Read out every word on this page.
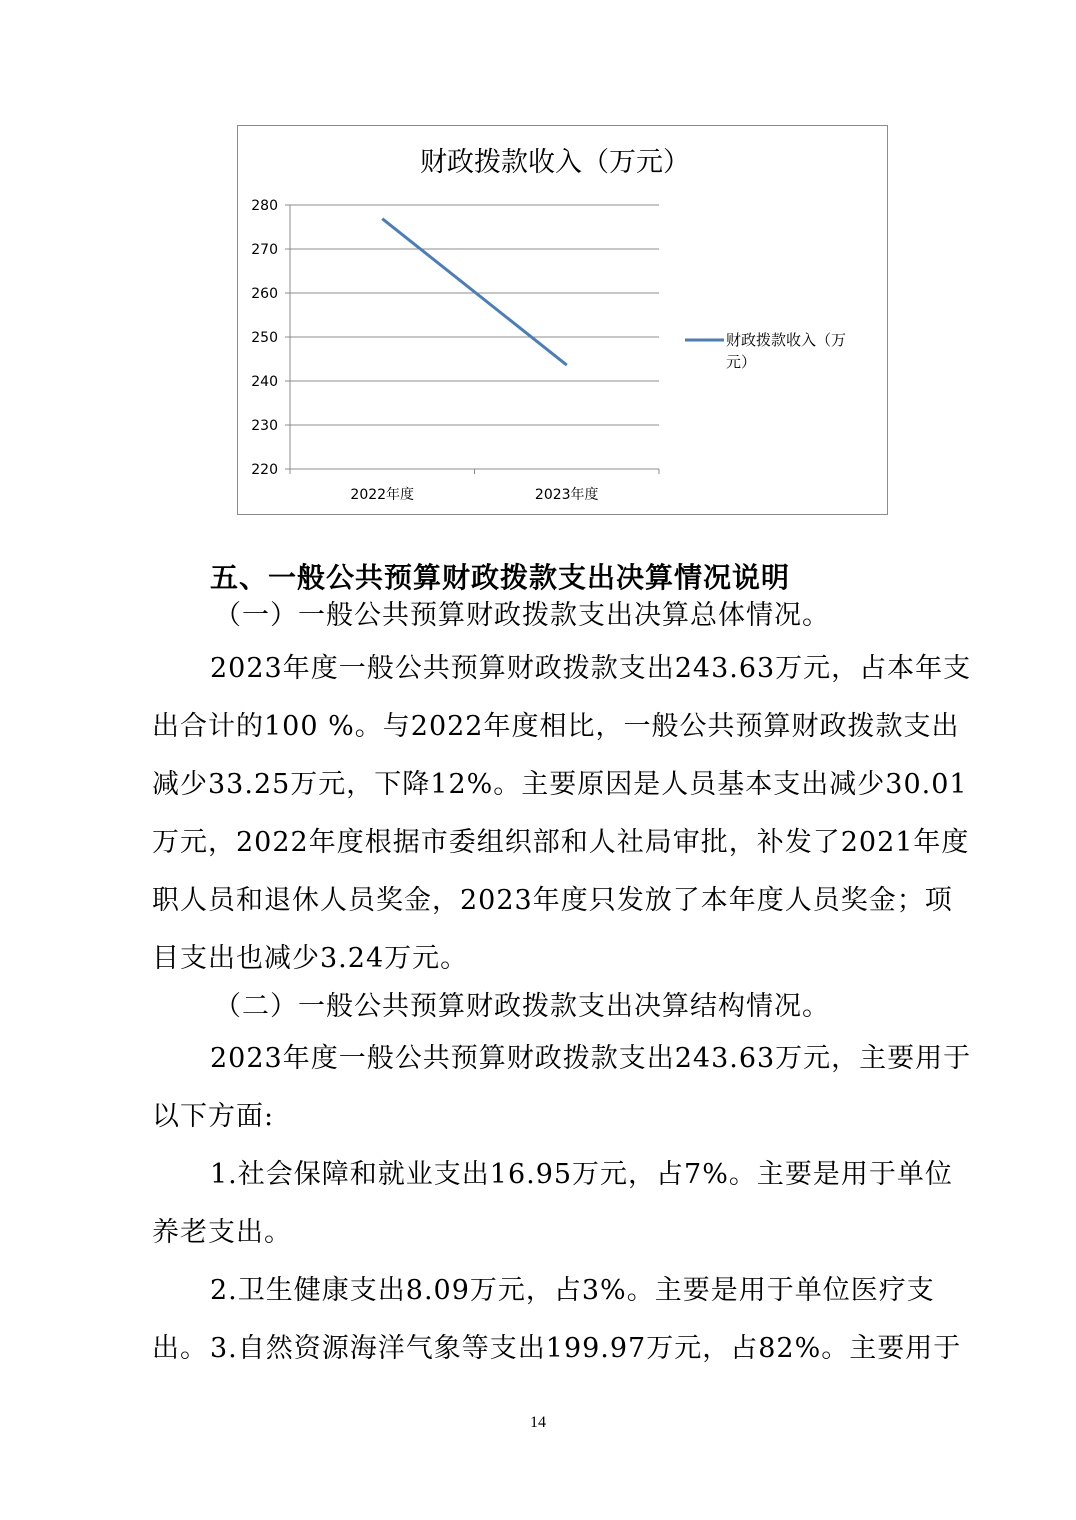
财政拨款收入（万元）
220
230
240
250
260
270
280
2022年度	2023年度
财政拨款收入（万
元）
五、一般公共预算财政拨款支出决算情况说明
（一）一般公共预算财政拨款支出决算总体情况。
2023年度一般公共预算财政拨款支出243.63万元，占本年支出合计的100 %。与2022年度相比，一般公共预算财政拨款支出减少33.25万元，下降12%。主要原因是人员基本支出减少30.01万元，2022年度根据市委组织部和人社局审批，补发了2021年度职人员和退休人员奖金，2023年度只发放了本年度人员奖金；项目支出也减少3.24万元。
（二）一般公共预算财政拨款支出决算结构情况。
2023年度一般公共预算财政拨款支出243.63万元，主要用于以下方面:
1.社会保障和就业支出16.95万元，占7%。主要是用于单位养老支出。
2.卫生健康支出8.09万元，占3%。主要是用于单位医疗支出。 3.自然资源海洋气象等支出199.97万元，占82%。主要用于
14
